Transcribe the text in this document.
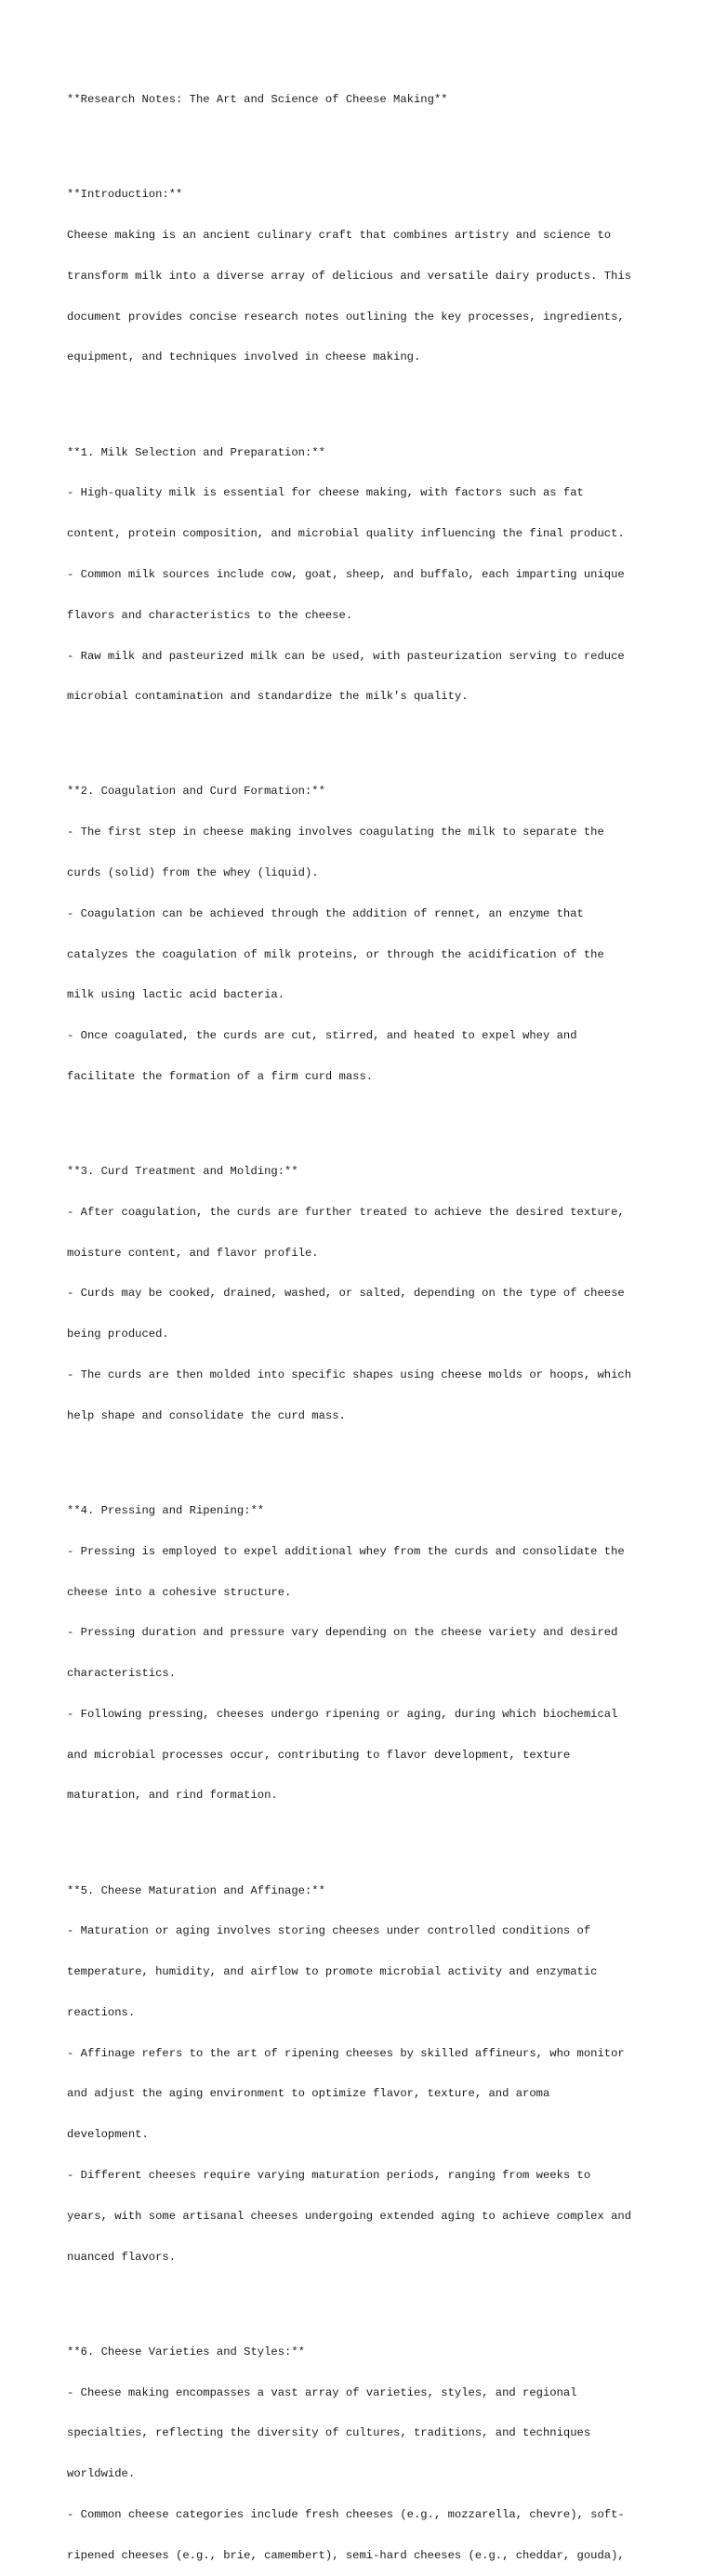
**Research Notes: The Art and Science of Cheese Making**

**Introduction:**

Cheese making is an ancient culinary craft that combines artistry and science to

transform milk into a diverse array of delicious and versatile dairy products. This

document provides concise research notes outlining the key processes, ingredients,

equipment, and techniques involved in cheese making.

**1. Milk Selection and Preparation:**

- High-quality milk is essential for cheese making, with factors such as fat

content, protein composition, and microbial quality influencing the final product.

- Common milk sources include cow, goat, sheep, and buffalo, each imparting unique

flavors and characteristics to the cheese.

- Raw milk and pasteurized milk can be used, with pasteurization serving to reduce

microbial contamination and standardize the milk's quality.

**2. Coagulation and Curd Formation:**

- The first step in cheese making involves coagulating the milk to separate the

curds (solid) from the whey (liquid).

- Coagulation can be achieved through the addition of rennet, an enzyme that

catalyzes the coagulation of milk proteins, or through the acidification of the

milk using lactic acid bacteria.

- Once coagulated, the curds are cut, stirred, and heated to expel whey and

facilitate the formation of a firm curd mass.

**3. Curd Treatment and Molding:**

- After coagulation, the curds are further treated to achieve the desired texture,

moisture content, and flavor profile.

- Curds may be cooked, drained, washed, or salted, depending on the type of cheese

being produced.

- The curds are then molded into specific shapes using cheese molds or hoops, which

help shape and consolidate the curd mass.

**4. Pressing and Ripening:**

- Pressing is employed to expel additional whey from the curds and consolidate the

cheese into a cohesive structure.

- Pressing duration and pressure vary depending on the cheese variety and desired

characteristics.

- Following pressing, cheeses undergo ripening or aging, during which biochemical

and microbial processes occur, contributing to flavor development, texture

maturation, and rind formation.

**5. Cheese Maturation and Affinage:**

- Maturation or aging involves storing cheeses under controlled conditions of

temperature, humidity, and airflow to promote microbial activity and enzymatic

reactions.

- Affinage refers to the art of ripening cheeses by skilled affineurs, who monitor

and adjust the aging environment to optimize flavor, texture, and aroma

development.

- Different cheeses require varying maturation periods, ranging from weeks to

years, with some artisanal cheeses undergoing extended aging to achieve complex and

nuanced flavors.

**6. Cheese Varieties and Styles:**

- Cheese making encompasses a vast array of varieties, styles, and regional

specialties, reflecting the diversity of cultures, traditions, and techniques

worldwide.

- Common cheese categories include fresh cheeses (e.g., mozzarella, chevre), soft-

ripened cheeses (e.g., brie, camembert), semi-hard cheeses (e.g., cheddar, gouda),
